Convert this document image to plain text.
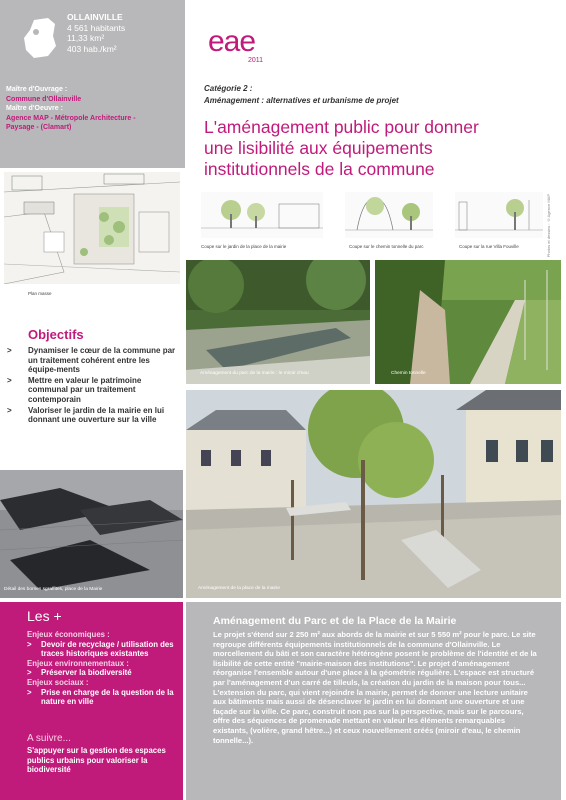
OLLAINVILLE
4 561 habitants
11,33 km²
403 hab./km²
Maître d'Ouvrage :
Commune d'Ollainville
Maître d'Oeuvre :
Agence MAP - Métropole Architecture -
Paysage - (Clamart)
eae
2011
Catégorie 2 :
Aménagement : alternatives et urbanisme de projet
L'aménagement public pour donner
une lisibilité aux équipements
institutionnels de la commune
Plan masse
Coupe sur le jardin de la place de la mairie	Coupe sur le chemin tonnelle du parc	Coupe sur la rue Villa Fouville	Photos et dessins : ©Agence MAP
Aménagement du parc de la mairie : le miroir d'eau	Chemin tonnelle
Aménagement de la place de la mairie
Détail des bornes sgraffites, place de la Mairie
Objectifs
> Dynamiser le cœur de la commune par un traitement cohérent entre les équipe-ments
> Mettre en valeur le patrimoine communal par un traitement contemporain
> Valoriser le jardin de la mairie en lui donnant une ouverture sur la ville
Les +
Enjeux économiques :
> Devoir de recyclage / utilisation des traces historiques existantes
Enjeux environnementaux :
> Préserver la biodiversité
Enjeux sociaux :
> Prise en charge de la question de la nature en ville
A suivre...
S'appuyer sur la gestion des espaces publics urbains pour valoriser la biodiversité
Aménagement du Parc et de la Place de la Mairie
Le projet s'étend sur 2 250 m² aux abords de la mairie et sur 5 550 m² pour le parc. Le site regroupe différents équipements institutionnels de la commune d'Ollainville. Le morcellement du bâti et son caractère hétérogène posent le problème de l'identité et de la lisibilité de cette entité "mairie-maison des institutions". Le projet d'aménagement réorganise l'ensemble autour d'une place à la géométrie régulière. L'espace est structuré par l'aménagement d'un carré de tilleuls, la création du jardin de la maison pour tous...
L'extension du parc, qui vient rejoindre la mairie, permet de donner une lecture unitaire aux bâtiments mais aussi de désenclaver le jardin en lui donnant une ouverture et une façade sur la ville. Ce parc, construit non pas sur la perspective, mais sur le parcours, offre des séquences de promenade mettant en valeur les éléments remarquables existants, (volière, grand hêtre...) et ceux nouvellement créés (miroir d'eau, le chemin tonnelle...).
